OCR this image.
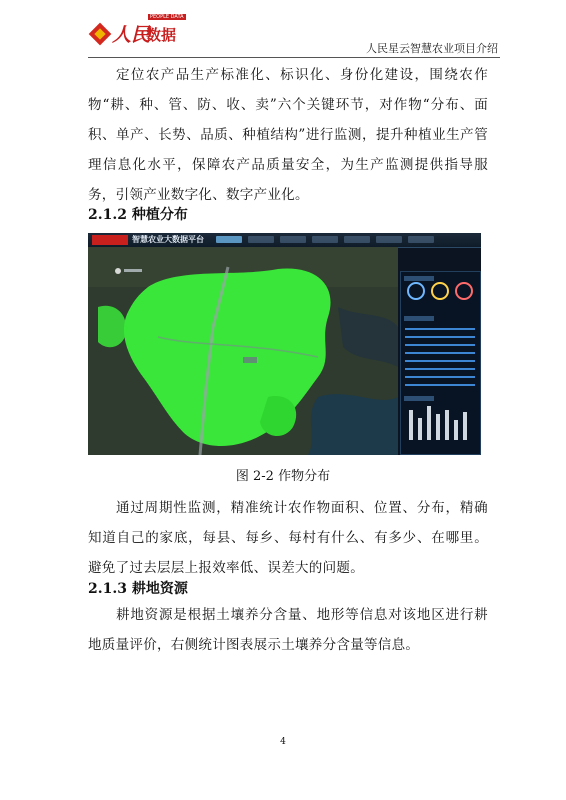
人民
PEOPLE DATA
数据
人民星云智慧农业项目介绍

定位农产品生产标准化、标识化、身份化建设，围绕农作物“耕、种、管、防、收、卖”六个关键环节，对作物“分布、面积、单产、长势、品质、种植结构”进行监测，提升种植业生产管理信息化水平，保障农产品质量安全，为生产监测提供指导服务，引领产业数字化、数字产业化。

2.1.2 种植分布
智慧农业大数据平台
图 2-2 作物分布

通过周期性监测，精准统计农作物面积、位置、分布，精确知道自己的家底，每县、每乡、每村有什么、有多少、在哪里。避免了过去层层上报效率低、误差大的问题。

2.1.3 耕地资源

耕地资源是根据土壤养分含量、地形等信息对该地区进行耕地质量评价，右侧统计图表展示土壤养分含量等信息。

4
